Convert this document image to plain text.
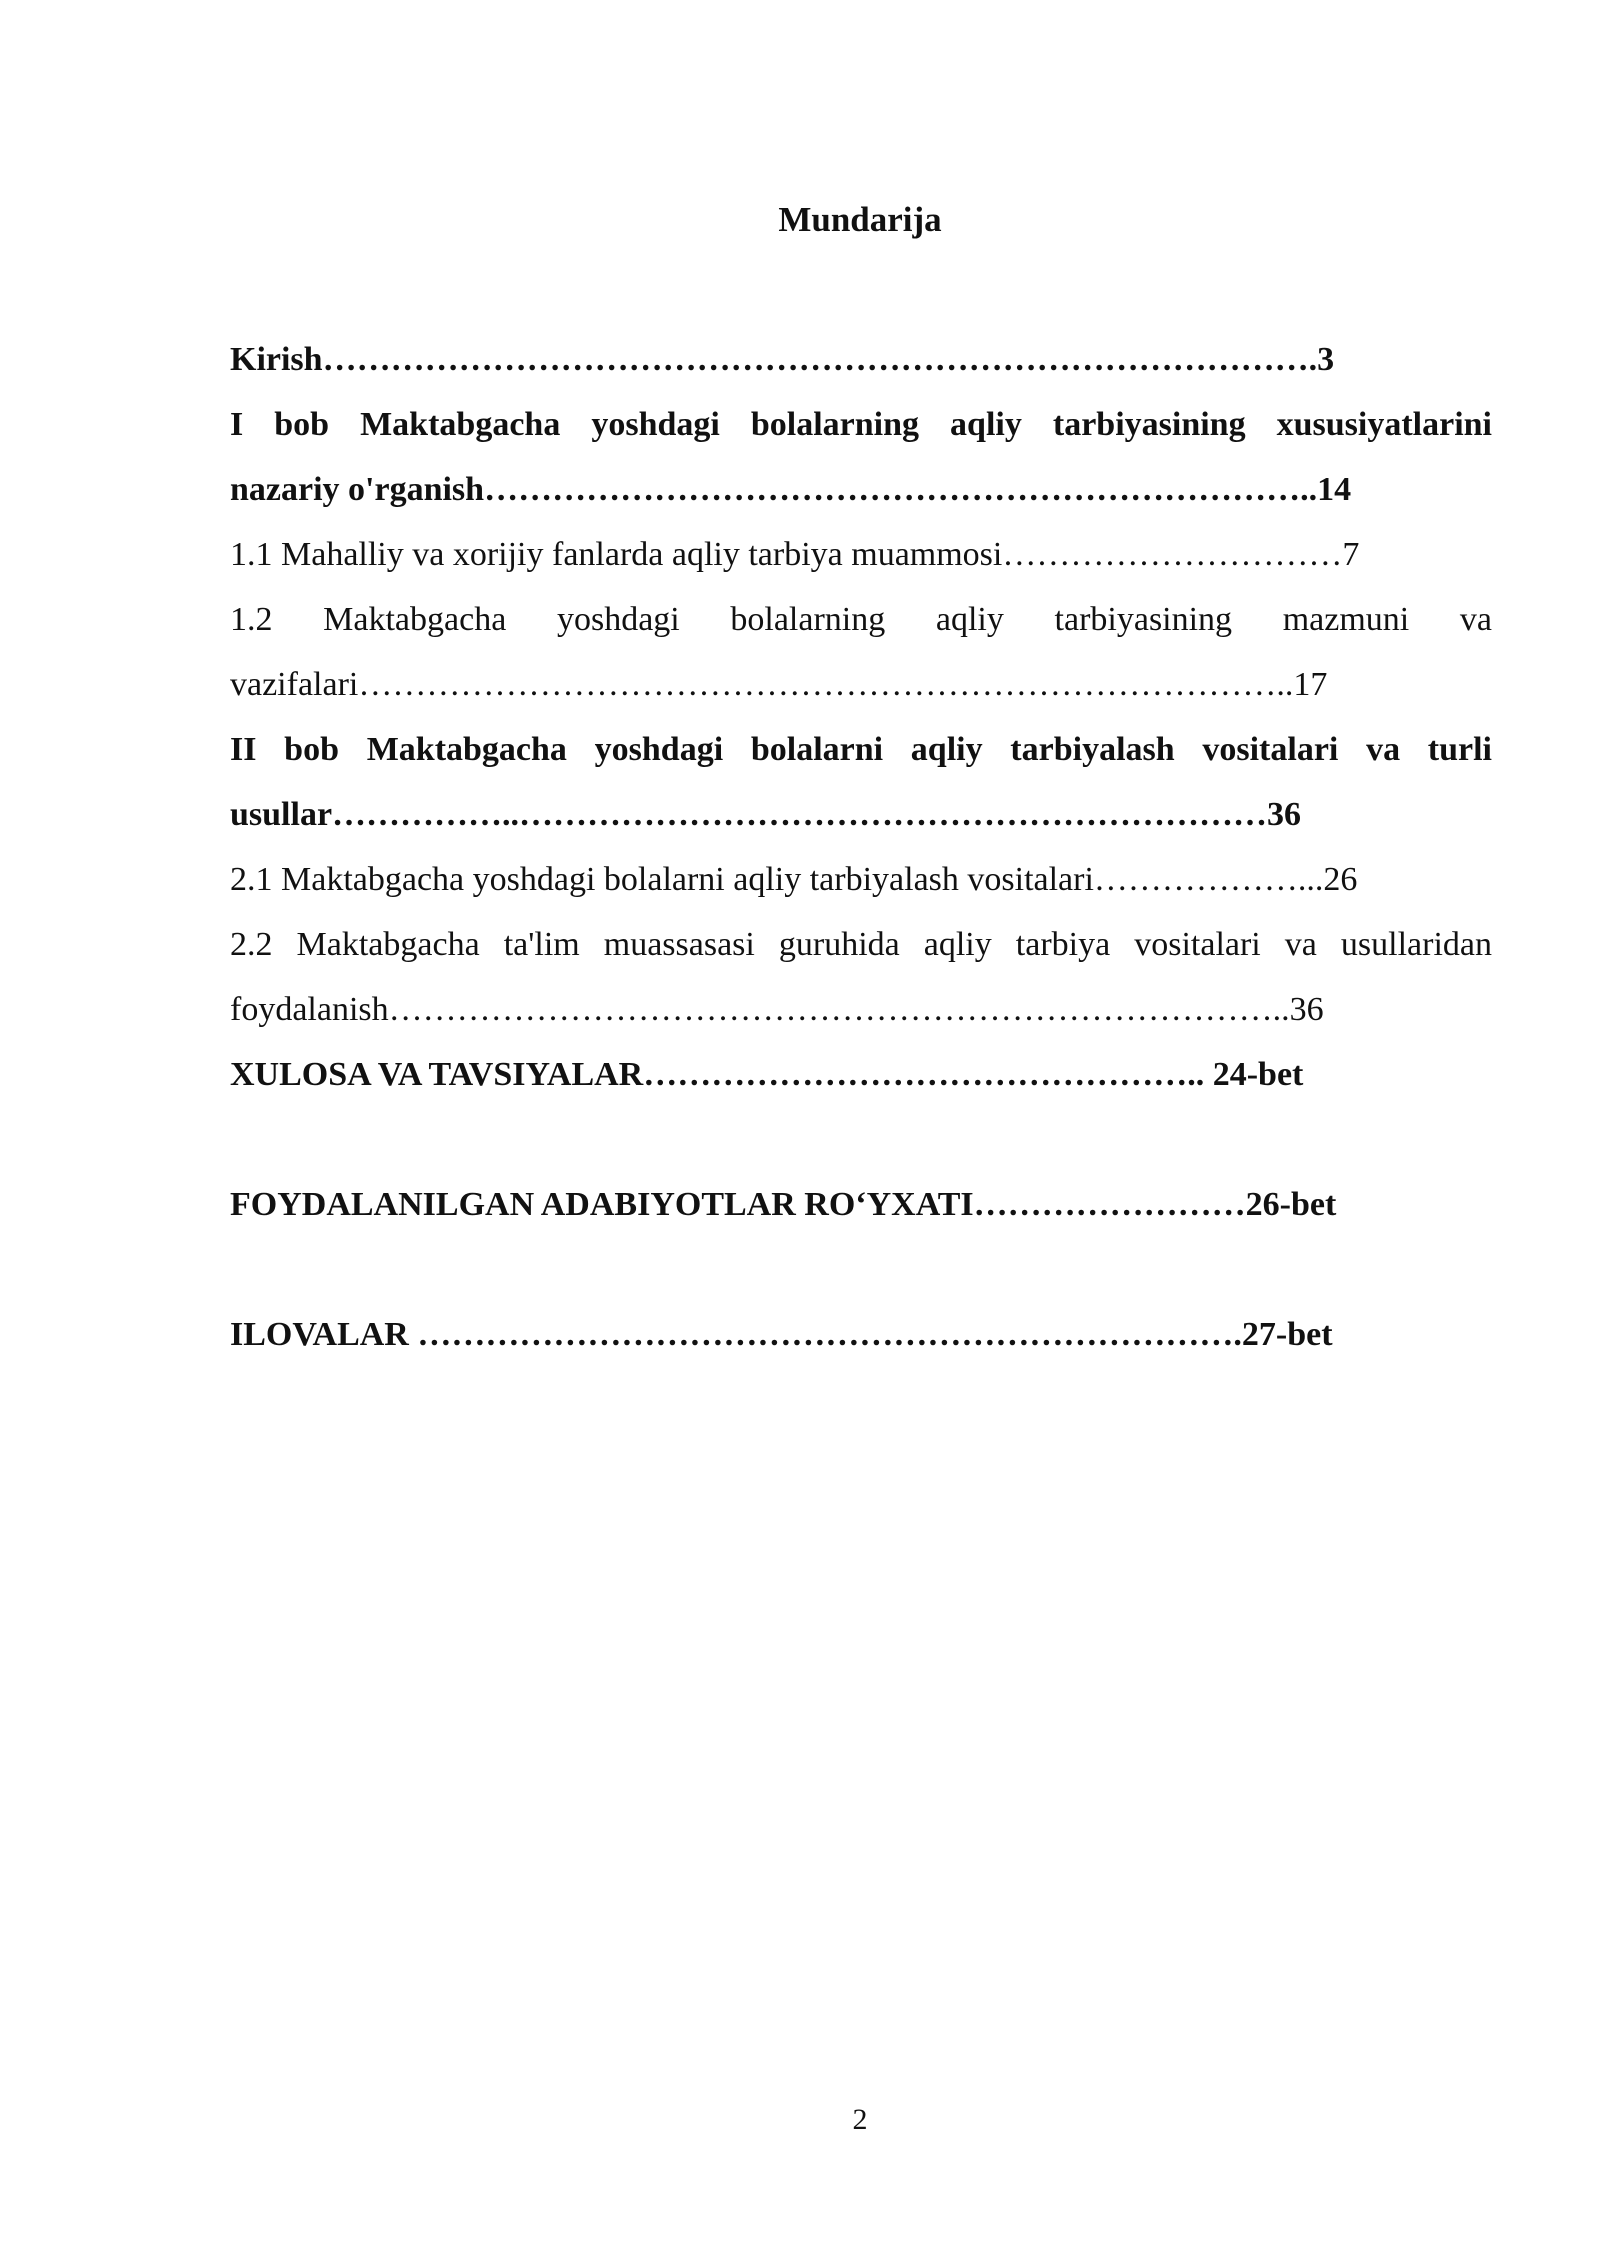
Mundarija
Kirish…………………………………………………………………………….3
I bob Maktabgacha yoshdagi bolalarning aqliy tarbiyasining xususiyatlarini
nazariy o'rganish………………………………………………………………..14
1.1 Mahalliy va xorijiy fanlarda aqliy tarbiya muammosi…………………………7
1.2 Maktabgacha yoshdagi bolalarning aqliy tarbiyasining mazmuni va
vazifalari………………………………………………………………………..17
II bob Maktabgacha yoshdagi bolalarni aqliy tarbiyalash vositalari va turli
usullar……………..…………………………………………………………36
2.1 Maktabgacha yoshdagi bolalarni aqliy tarbiyalash vositalari………………...26
2.2 Maktabgacha ta'lim muassasasi guruhida aqliy tarbiya vositalari va usullaridan
foydalanish……………………………………………………………………..36
XULOSA VA TAVSIYALAR………………………………………….. 24-bet
FOYDALANILGAN ADABIYOTLAR RO‘YXATI……………………26-bet
ILOVALAR ……………………………………………………………….27-bet
2
